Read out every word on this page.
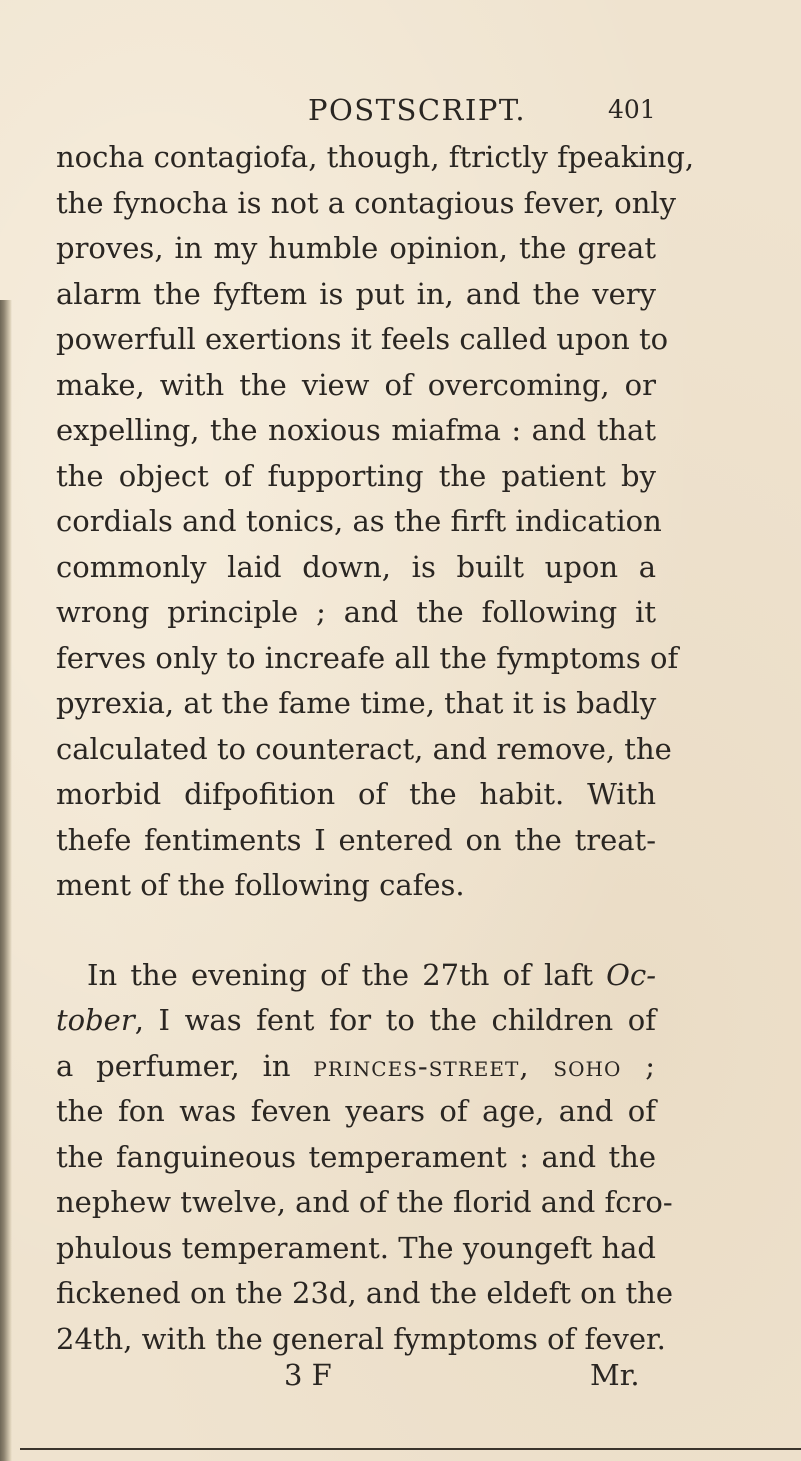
POSTSCRIPT.	401
nocha contagiofa, though, ftrictly fpeaking,
the fynocha is not a contagious fever, only
proves, in my humble opinion, the great
alarm the fyftem is put in, and the very
powerfull exertions it feels called upon to
make, with the view of overcoming, or
expelling, the noxious miafma : and that
the object of fupporting the patient by
cordials and tonics, as the firft indication
commonly laid down, is built upon a
wrong principle ; and the following it
ferves only to increafe all the fymptoms of
pyrexia, at the fame time, that it is badly
calculated to counteract, and remove, the
morbid difpofition of the habit. With
thefe fentiments I entered on the treat-
ment of the following cafes.
In the evening of the 27th of laft Oc-
tober, I was fent for to the children of
a perfumer, in princes-street, soho ;
the fon was feven years of age, and of
the fanguineous temperament : and the
nephew twelve, and of the florid and fcro-
phulous temperament. The youngeft had
fickened on the 23d, and the eldeft on the
24th, with the general fymptoms of fever.
3 F	Mr.
